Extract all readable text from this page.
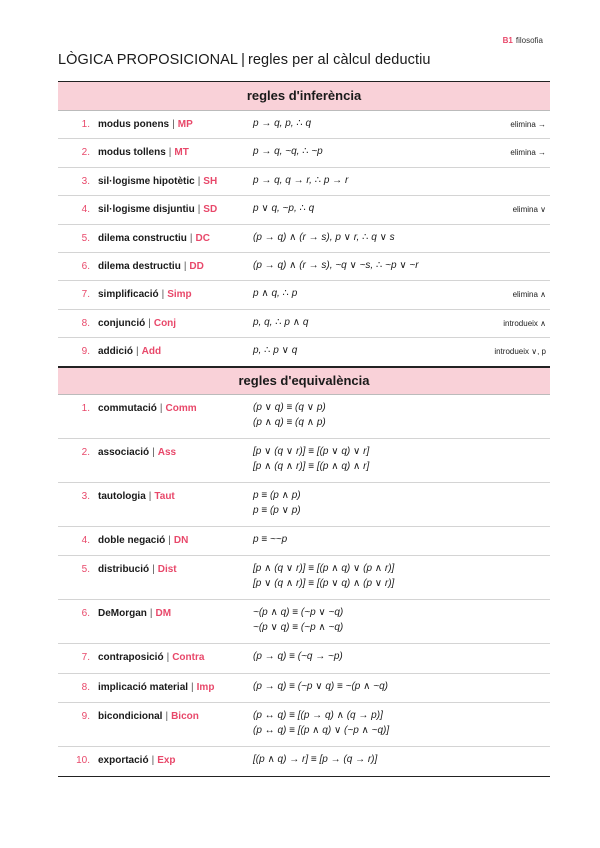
B1 filosofia
LÒGICA PROPOSICIONAL | regles per al càlcul deductiu
regles d'inferència
1. modus ponens | MP	p → q, p, ∴ q	elimina →
2. modus tollens | MT	p → q, ~q, ∴ ~p	elimina →
3. sil·logisme hipotètic | SH	p → q, q → r, ∴ p → r
4. sil·logisme disjuntiu | SD	p ∨ q, ~p, ∴ q	elimina ∨
5. dilema constructiu | DC	(p → q) ∧ (r → s), p ∨ r, ∴ q ∨ s
6. dilema destructiu | DD	(p → q) ∧ (r → s), ~q ∨ ~s, ∴ ~p ∨ ~r
7. simplificació | Simp	p ∧ q, ∴ p	elimina ∧
8. conjunció | Conj	p, q, ∴ p ∧ q	introdueix ∧
9. addició | Add	p, ∴ p ∨ q	introdueix ∨, p
regles d'equivalència
1. commutació | Comm	(p ∨ q) ≡ (q ∨ p)
(p ∧ q) ≡ (q ∧ p)
2. associació | Ass	[p ∨ (q ∨ r)] ≡ [(p ∨ q) ∨ r]
[p ∧ (q ∧ r)] ≡ [(p ∧ q) ∧ r]
3. tautologia | Taut	p ≡ (p ∧ p)
p ≡ (p ∨ p)
4. doble negació | DN	p ≡ ~~p
5. distribució | Dist	[p ∧ (q ∨ r)] ≡ [(p ∧ q) ∨ (p ∧ r)]
[p ∨ (q ∧ r)] ≡ [(p ∨ q) ∧ (p ∨ r)]
6. DeMorgan | DM	~(p ∧ q) ≡ (~p ∨ ~q)
~(p ∨ q) ≡ (~p ∧ ~q)
7. contraposició | Contra	(p → q) ≡ (~q → ~p)
8. implicació material | Imp	(p → q) ≡ (~p ∨ q) ≡ ~(p ∧ ~q)
9. bicondicional | Bicon	(p ↔ q) ≡ [(p → q) ∧ (q → p)]
(p ↔ q) ≡ [(p ∧ q) ∨ (~p ∧ ~q)]
10. exportació | Exp	[(p ∧ q) → r] ≡ [p → (q → r)]
